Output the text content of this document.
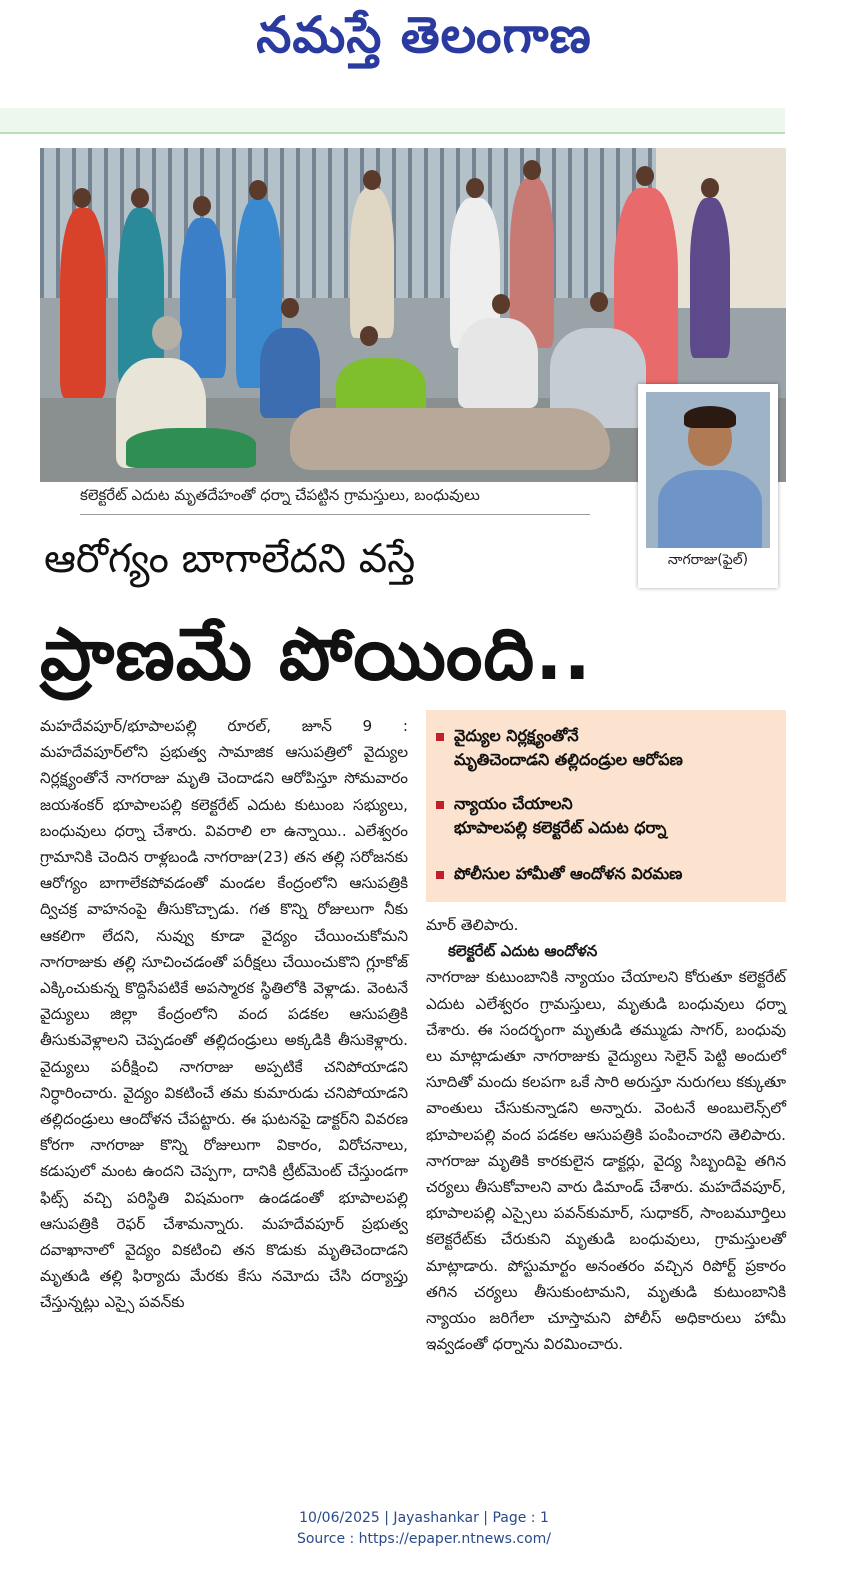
నమస్తే తెలంగాణ
కలెక్టరేట్ ఎదుట మృతదేహంతో ధర్నా చేపట్టిన గ్రామస్తులు, బంధువులు
నాగరాజు(ఫైల్)
ఆరోగ్యం బాగాలేదని వస్తే
ప్రాణమే పోయింది..

మహదేవపూర్/భూపాలపల్లి రూరల్, జూన్ 9 : మహదేవపూర్‌లోని ప్రభుత్వ సామాజిక ఆసుపత్రిలో వైద్యుల నిర్లక్ష్యంతోనే నాగరాజు మృతి చెందాడని ఆరోపిస్తూ సోమవారం జయశంకర్ భూపాలపల్లి కలెక్టరేట్ ఎదుట కుటుంబ సభ్యులు, బంధువులు ధర్నా చేశారు. వివరాలి లా ఉన్నాయి.. ఎలేశ్వరం గ్రామానికి చెందిన రాళ్లబండి నాగరాజు(23) తన తల్లి సరోజనకు ఆరోగ్యం బాగాలేకపోవడంతో మండల కేంద్రంలోని ఆసుపత్రికి ద్విచక్ర వాహనంపై తీసుకొచ్చాడు. గత కొన్ని రోజులుగా నీకు ఆకలిగా లేదని, నువ్వు కూడా వైద్యం చేయించుకోమని నాగరాజుకు తల్లి సూచించడంతో పరీక్షలు చేయించుకొని గ్లూకోజ్ ఎక్కించుకున్న కొద్దిసేపటికే అపస్మారక స్థితిలోకి వెళ్లాడు. వెంటనే వైద్యులు జిల్లా కేంద్రంలోని వంద పడకల ఆసుపత్రికి తీసుకువెళ్లాలని చెప్పడంతో తల్లిదండ్రులు అక్కడికి తీసుకెళ్లారు. వైద్యులు పరీక్షించి నాగరాజు అప్పటికే చనిపోయాడని నిర్ధారించారు. వైద్యం వికటించే తమ కుమారుడు చనిపోయాడని తల్లిదండ్రులు ఆందోళన చేపట్టారు. ఈ ఘటనపై డాక్టర్‌ని వివరణ కోరగా నాగరాజు కొన్ని రోజులుగా వికారం, విరోచనాలు, కడుపులో మంట ఉందని చెప్పగా, దానికి ట్రీట్‌మెంట్ చేస్తుండగా ఫిట్స్ వచ్చి పరిస్థితి విషమంగా ఉండడంతో భూపాలపల్లి ఆసుపత్రికి రెఫర్ చేశామన్నారు. మహదేవపూర్ ప్రభుత్వ దవాఖానాలో వైద్యం వికటించి తన కొడుకు మృతిచెందాడని మృతుడి తల్లి ఫిర్యాదు మేరకు కేసు నమోదు చేసి దర్యాప్తు చేస్తున్నట్లు ఎస్సై పవన్‌కు

వైద్యుల నిర్లక్ష్యంతోనే
మృతిచెందాడని తల్లిదండ్రుల ఆరోపణ
న్యాయం చేయాలని
భూపాలపల్లి కలెక్టరేట్ ఎదుట ధర్నా
పోలీసుల హామీతో ఆందోళన విరమణ

మార్ తెలిపారు.

కలెక్టరేట్ ఎదుట ఆందోళన

నాగరాజు కుటుంబానికి న్యాయం చేయాలని కోరుతూ కలెక్టరేట్ ఎదుట ఎలేశ్వరం గ్రామస్తులు, మృతుడి బంధువులు ధర్నా చేశారు. ఈ సందర్భంగా మృతుడి తమ్ముడు సాగర్, బంధువు లు మాట్లాడుతూ నాగరాజుకు వైద్యులు సెలైన్ పెట్టి అందులో సూదితో మందు కలపగా ఒకే సారి అరుస్తూ నురుగలు కక్కుతూ వాంతులు చేసుకున్నాడని అన్నారు. వెంటనే అంబులెన్స్‌లో భూపాలపల్లి వంద పడకల ఆసుపత్రికి పంపించారని తెలిపారు. నాగరాజు మృతికి కారకులైన డాక్టర్లు, వైద్య సిబ్బందిపై తగిన చర్యలు తీసుకోవాలని వారు డిమాండ్ చేశారు. మహదేవపూర్, భూపాలపల్లి ఎస్సైలు పవన్‌కుమార్, సుధాకర్, సాంబమూర్తిలు కలెక్టరేట్‌కు చేరుకుని మృతుడి బంధువులు, గ్రామస్తులతో మాట్లాడారు. పోస్టుమార్టం అనంతరం వచ్చిన రిపోర్ట్ ప్రకారం తగిన చర్యలు తీసుకుంటామని, మృతుడి కుటుంబానికి న్యాయం జరిగేలా చూస్తామని పోలీస్ అధికారులు హామీ ఇవ్వడంతో ధర్నాను విరమించారు.

10/06/2025 | Jayashankar | Page : 1
Source : https://epaper.ntnews.com/
